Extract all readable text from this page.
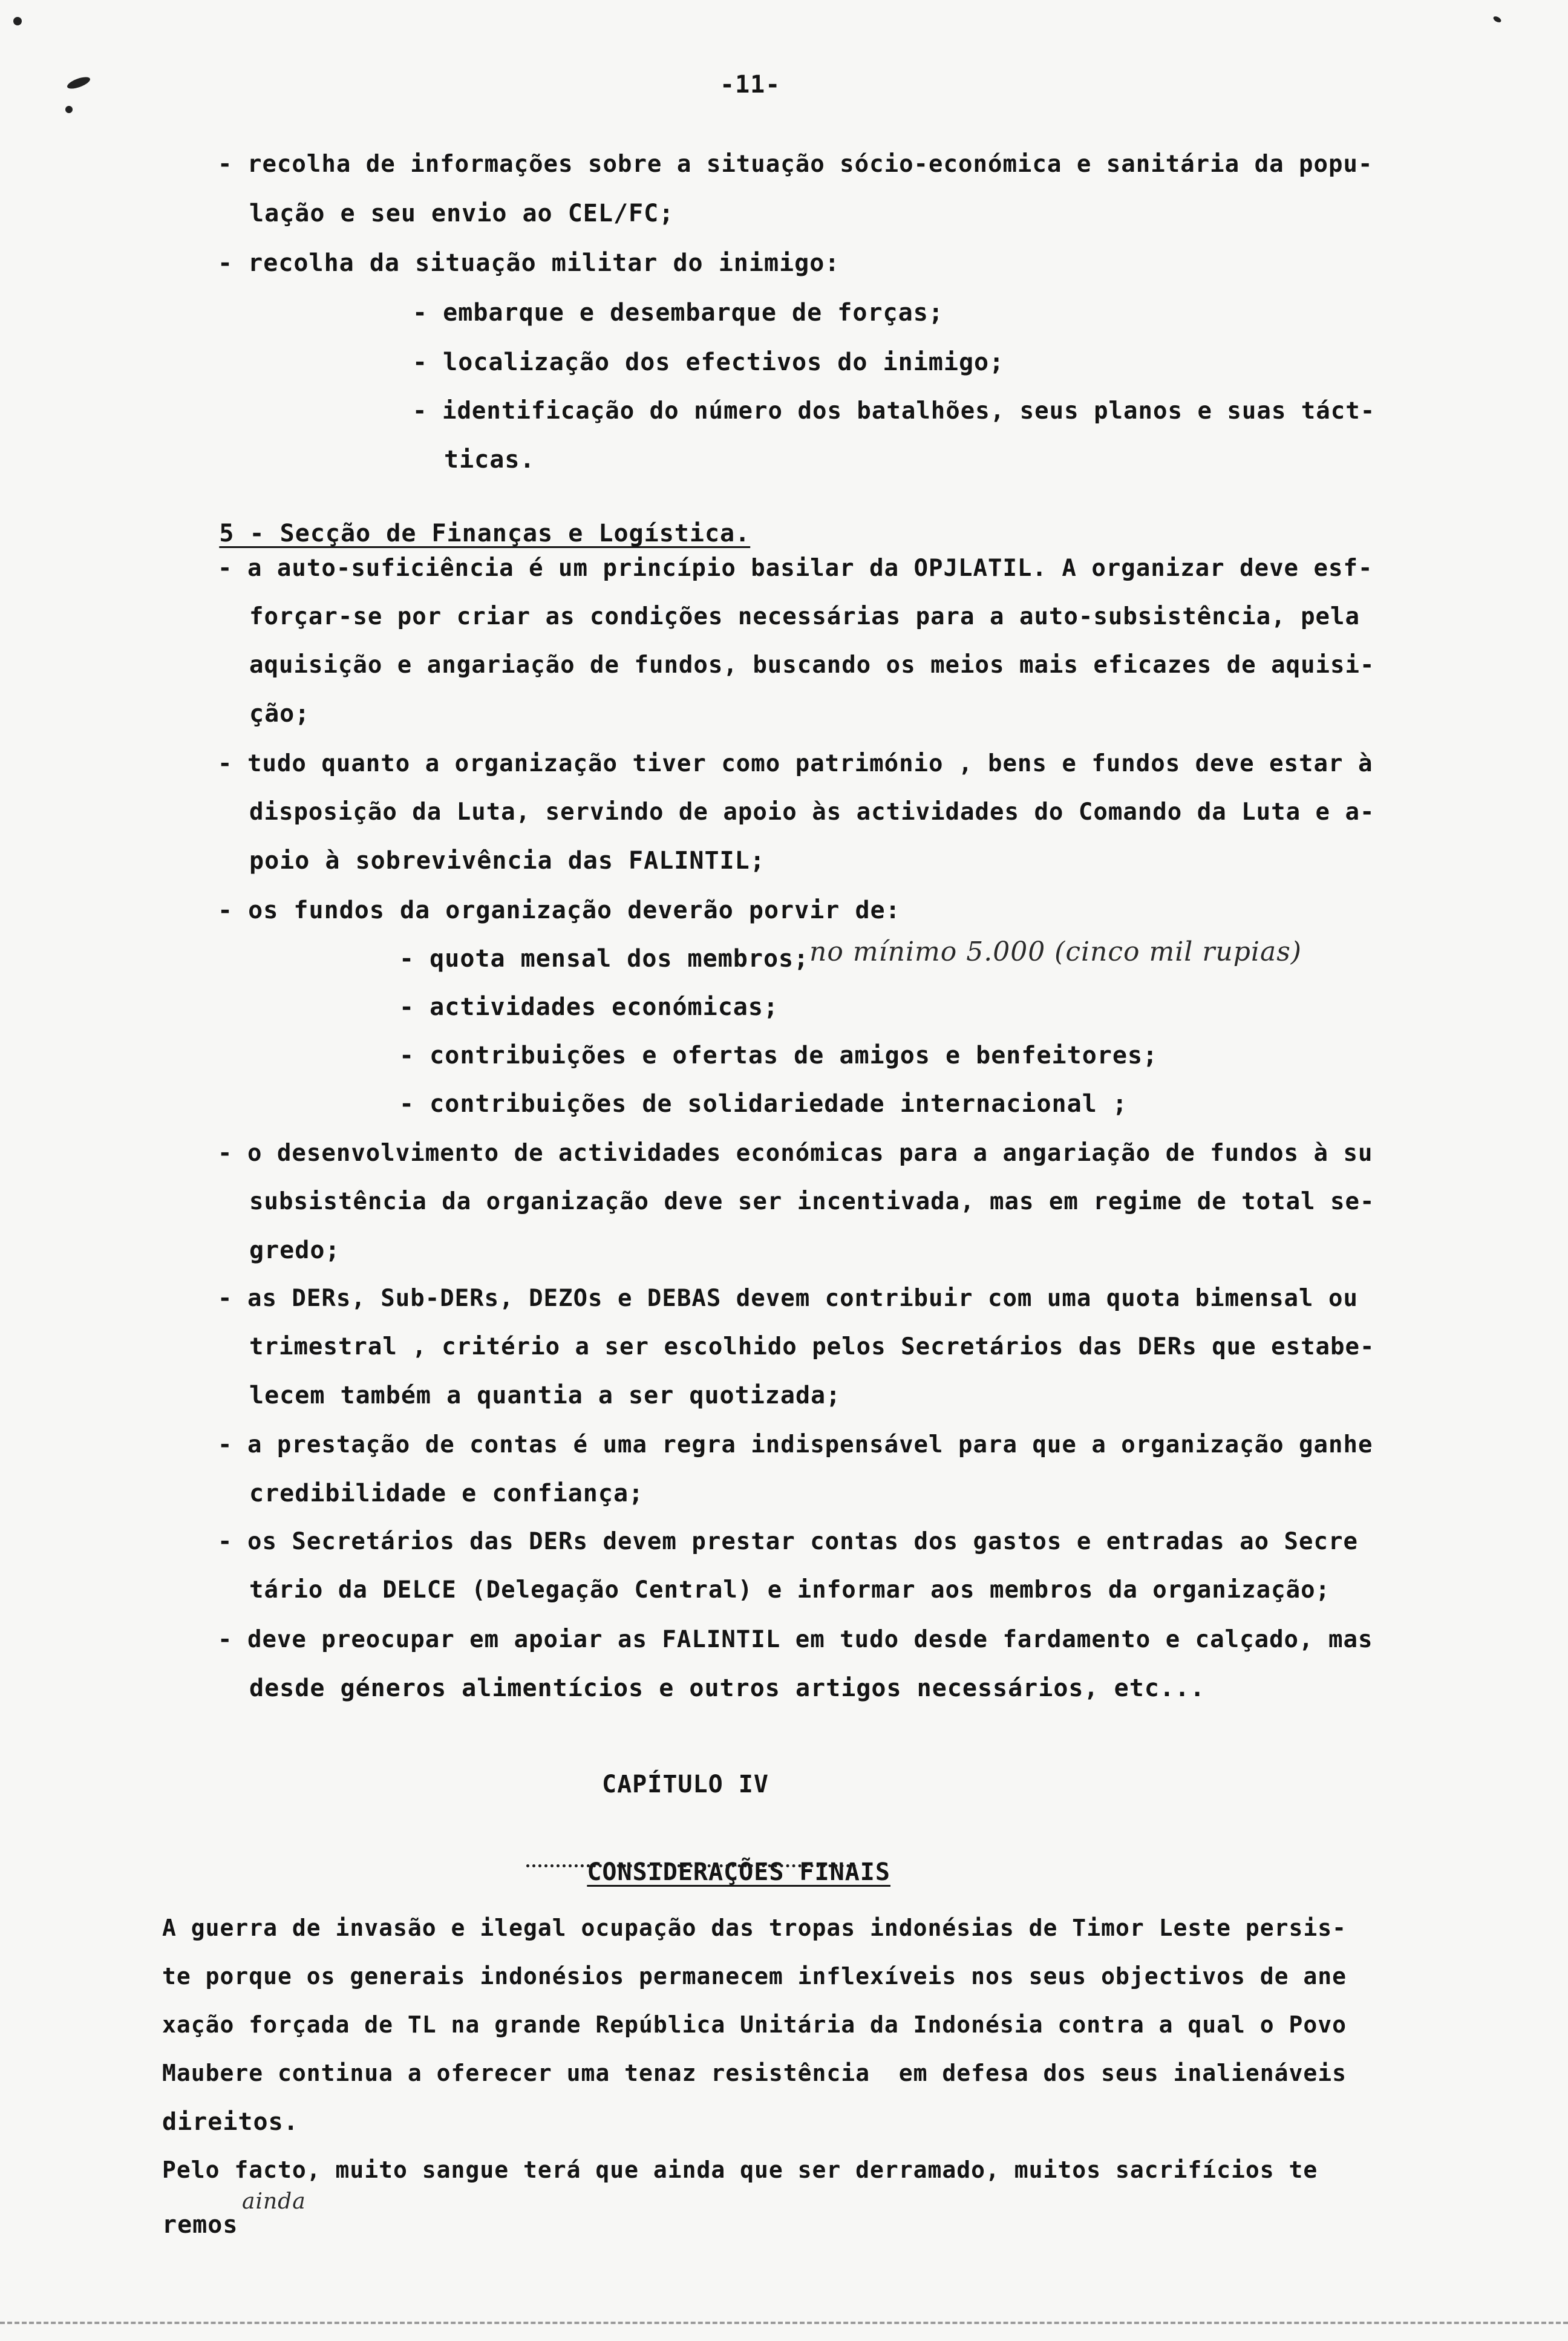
-11-
- recolha de informações sobre a situação sócio-económica e sanitária da popu-
lação e seu envio ao CEL/FC;
- recolha da situação militar do inimigo:
- embarque e desembarque de forças;
- localização dos efectivos do inimigo;
- identificação do número dos batalhões, seus planos e suas táct-
ticas.

5 - Secção de Finanças e Logística.

- a auto-suficiência é um princípio basilar da OPJLATIL. A organizar deve esf-
forçar-se por criar as condições necessárias para a auto-subsistência, pela
aquisição e angariação de fundos, buscando os meios mais eficazes de aquisi-
ção;
- tudo quanto a organização tiver como património , bens e fundos deve estar à
disposição da Luta, servindo de apoio às actividades do Comando da Luta e a-
poio à sobrevivência das FALINTIL;
- os fundos da organização deverão porvir de:
- quota mensal dos membros; no mínimo 5.000 (cinco mil rupias)
- actividades económicas;
- contribuições e ofertas de amigos e benfeitores;
- contribuições de solidariedade internacional ;
- o desenvolvimento de actividades económicas para a angariação de fundos à su
subsistência da organização deve ser incentivada, mas em regime de total se-
gredo;
- as DERs, Sub-DERs, DEZOs e DEBAS devem contribuir com uma quota bimensal ou
trimestral , critério a ser escolhido pelos Secretários das DERs que estabe-
lecem também a quantia a ser quotizada;
- a prestação de contas é uma regra indispensável para que a organização ganhe
credibilidade e confiança;
- os Secretários das DERs devem prestar contas dos gastos e entradas ao Secre
tário da DELCE (Delegação Central) e informar aos membros da organização;
- deve preocupar em apoiar as FALINTIL em tudo desde fardamento e calçado, mas
desde géneros alimentícios e outros artigos necessários, etc...
CAPÍTULO IV

CONSIDERAÇÕES FINAIS

A guerra de invasão e ilegal ocupação das tropas indonésias de Timor Leste persis-
te porque os generais indonésios permanecem inflexíveis nos seus objectivos de ane
xação forçada de TL na grande República Unitária da Indonésia contra a qual o Povo
Maubere continua a oferecer uma tenaz resistência  em defesa dos seus inalienáveis
direitos.
Pelo facto, muito sangue terá que ainda que ser derramado, muitos sacrifícios te
ainda
remos
